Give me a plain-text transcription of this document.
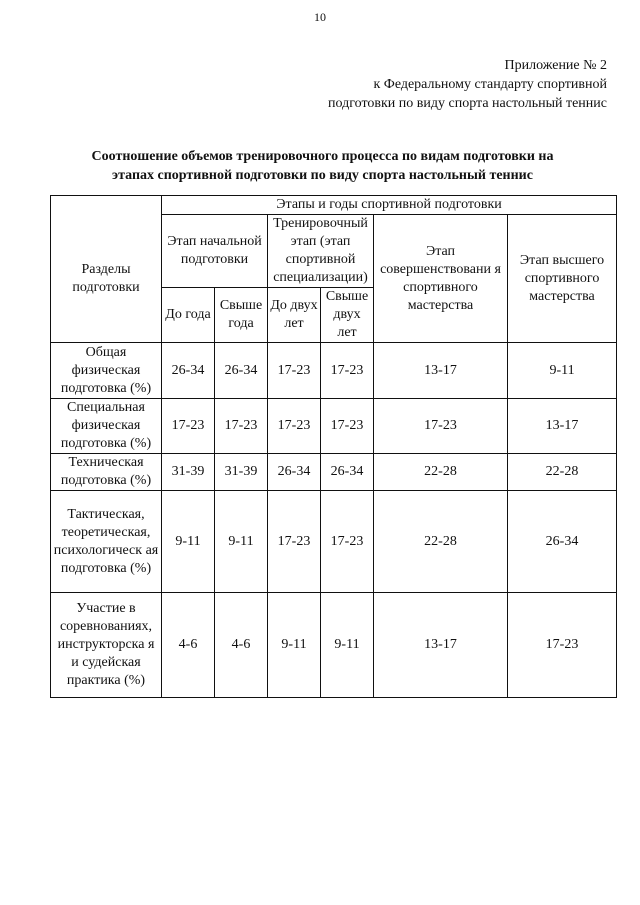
10
Приложение № 2
к Федеральному стандарту спортивной
подготовки по виду спорта настольный теннис
Соотношение объемов тренировочного процесса по видам подготовки на
этапах спортивной подготовки по виду спорта настольный теннис
Разделы подготовки	Этапы и годы спортивной подготовки					
	Этап начальной подготовки		Тренировочный этап (этап спортивной специализации)		Этап совершенствовани я спортивного мастерства	Этап высшего спортивного мастерства
	До года	Свыше года	До двух лет	Свыше двух лет		
Общая физическая подготовка (%)	26-34	26-34	17-23	17-23	13-17	9-11
Специальная физическая подготовка (%)	17-23	17-23	17-23	17-23	17-23	13-17
Техническая подготовка (%)	31-39	31-39	26-34	26-34	22-28	22-28
Тактическая, теоретическая, психологическ ая подготовка (%)	9-11	9-11	17-23	17-23	22-28	26-34
Участие в соревнованиях, инструкторска я и судейская практика (%)	4-6	4-6	9-11	9-11	13-17	17-23
